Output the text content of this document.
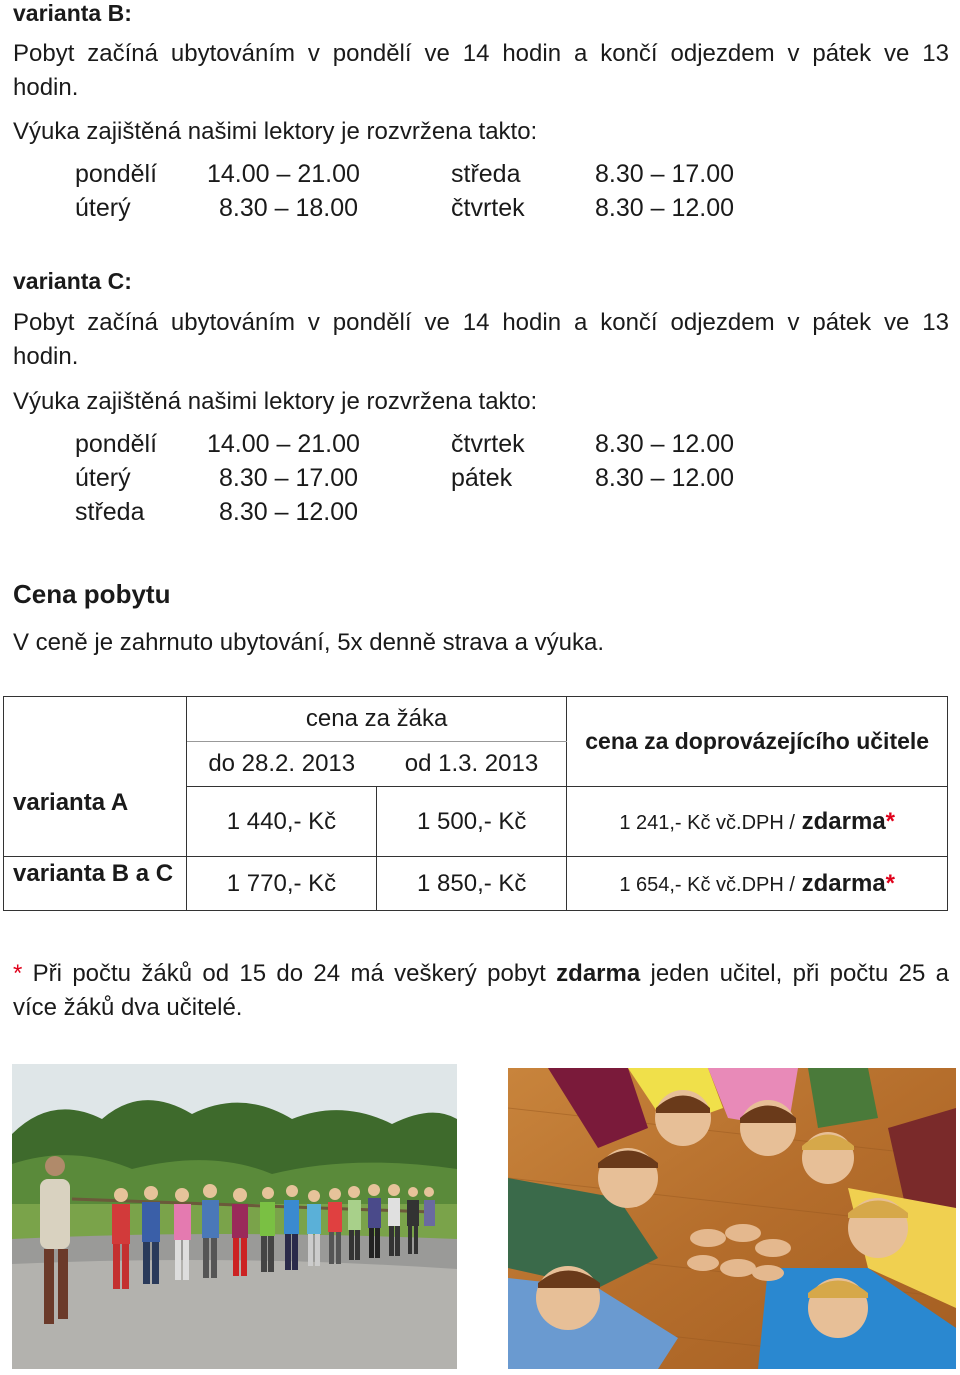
varianta B:
Pobyt začíná ubytováním v pondělí ve 14 hodin a končí odjezdem v pátek ve 13
hodin.
Výuka zajištěná našimi lektory je rozvržena takto:
pondělí 14.00 – 21.00
úterý	8.30 – 18.00
středa	8.30 – 17.00
čtvrtek	8.30 – 12.00
varianta C:
Pobyt začíná ubytováním v pondělí ve 14 hodin a končí odjezdem v pátek ve 13
hodin.
Výuka zajištěná našimi lektory je rozvržena takto:
pondělí 14.00 – 21.00
úterý	8.30 – 17.00
středa	8.30 – 12.00
čtvrtek	8.30 – 12.00
pátek	8.30 – 12.00
Cena pobytu
V ceně je zahrnuto ubytování, 5x denně strava a výuka.
	cena za žáka		cena za doprovázejícího učitele
	do 28.2. 2013	od 1.3. 2013	
varianta A	1 440,- Kč	1 500,- Kč	1 241,- Kč vč.DPH / zdarma*
varianta B a C	1 770,- Kč	1 850,- Kč	1 654,- Kč vč.DPH / zdarma*
* Při počtu žáků od 15 do 24 má veškerý pobyt zdarma jeden učitel, při počtu 25 a
více žáků dva učitelé.
